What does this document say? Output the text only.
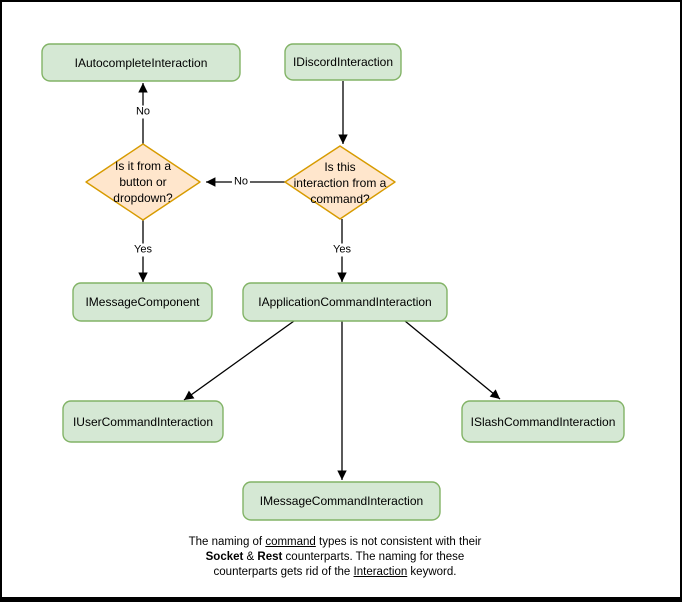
IAutocompleteInteraction	IDiscordInteraction
IMessageComponent	IApplicationCommandInteraction
IUserCommandInteraction	ISlashCommandInteraction
IMessageCommandInteraction
Is it from a
button or
dropdown?
Is this
interaction from a
command?
No
No
Yes	Yes
The naming of command types is not consistent with their
Socket & Rest counterparts. The naming for these
counterparts gets rid of the Interaction keyword.
